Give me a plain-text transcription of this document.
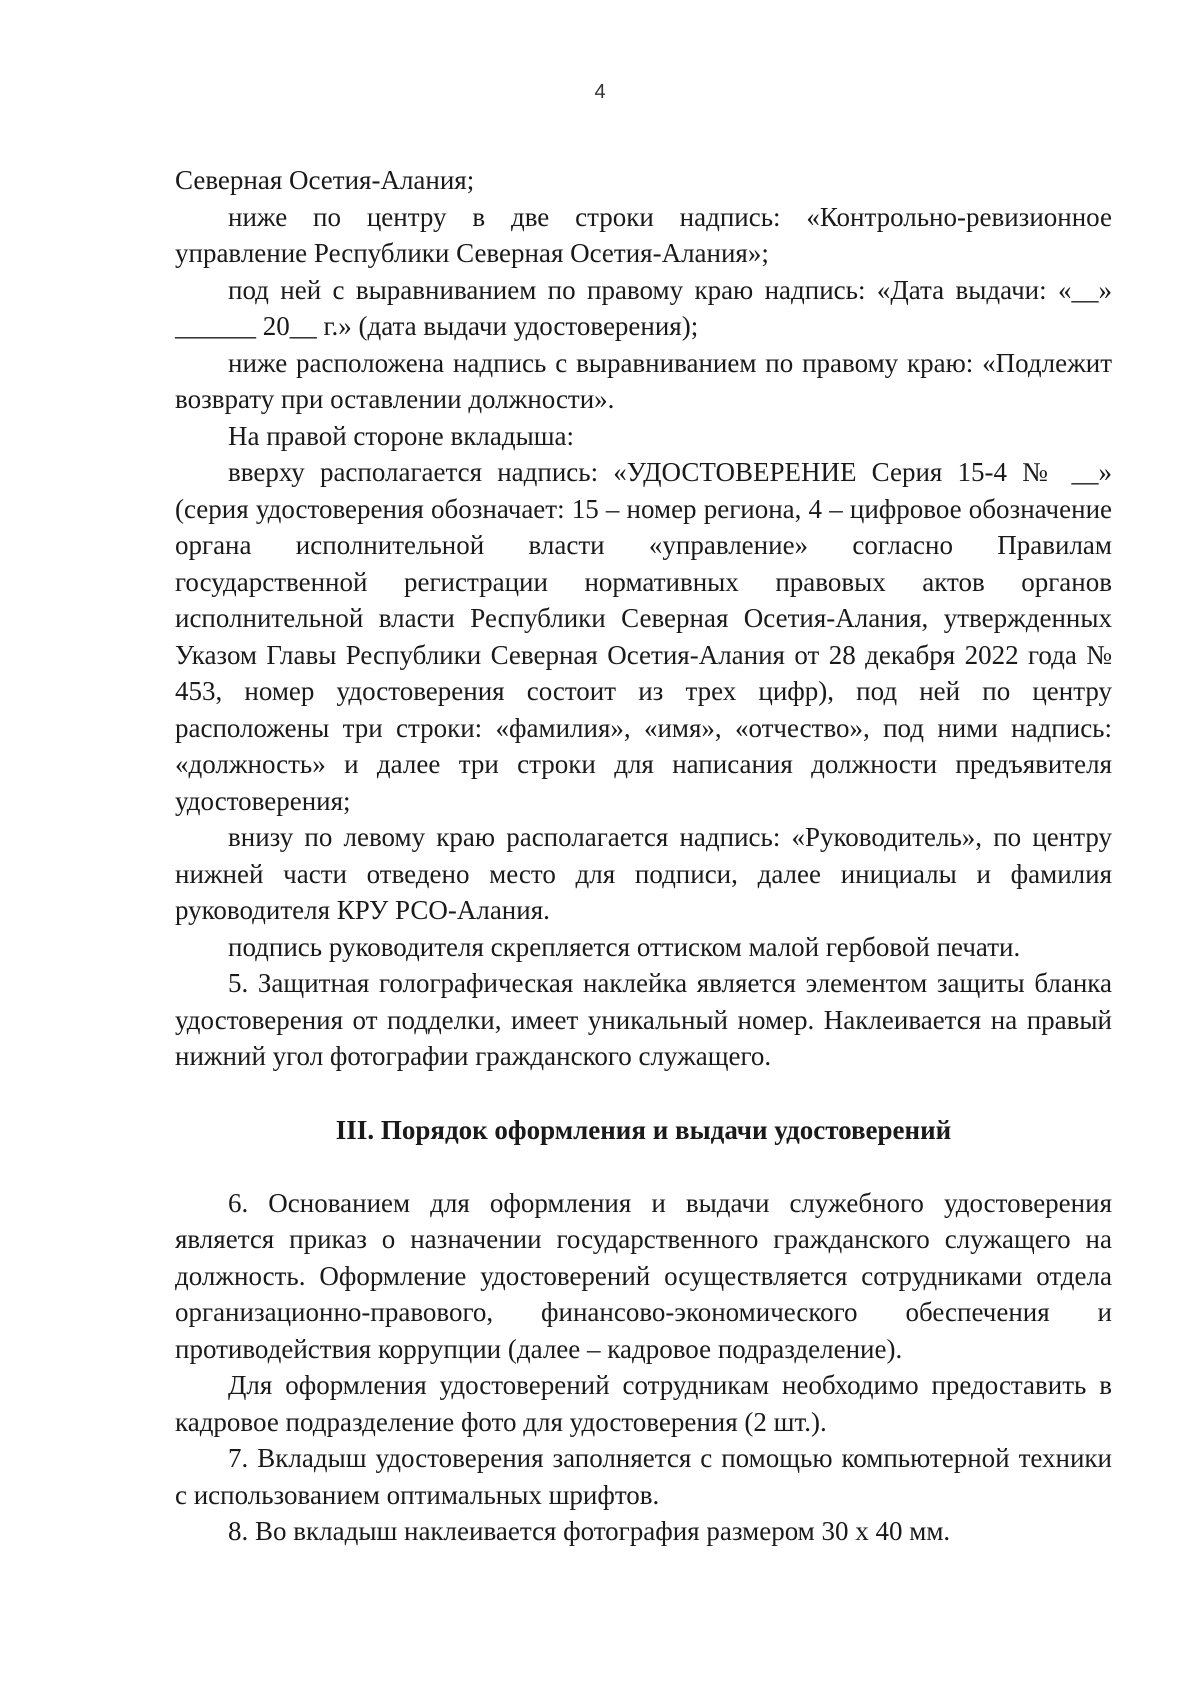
4

Северная Осетия-Алания;

ниже по центру в две строки надпись: «Контрольно-ревизионное управление Республики Северная Осетия-Алания»;

под ней с выравниванием по правому краю надпись: «Дата выдачи: «__» ______ 20__ г.» (дата выдачи удостоверения);

ниже расположена надпись с выравниванием по правому краю: «Подлежит возврату при оставлении должности».

На правой стороне вкладыша:

вверху располагается надпись: «УДОСТОВЕРЕНИЕ Серия 15-4 № __» (серия удостоверения обозначает: 15 – номер региона, 4 – цифровое обозначение органа исполнительной власти «управление» согласно Правилам государственной регистрации нормативных правовых актов органов исполнительной власти Республики Северная Осетия-Алания, утвержденных Указом Главы Республики Северная Осетия-Алания от 28 декабря 2022 года № 453, номер удостоверения состоит из трех цифр), под ней по центру расположены три строки: «фамилия», «имя», «отчество», под ними надпись: «должность» и далее три строки для написания должности предъявителя удостоверения;

внизу по левому краю располагается надпись: «Руководитель», по центру нижней части отведено место для подписи, далее инициалы и фамилия руководителя КРУ РСО-Алания.

подпись руководителя скрепляется оттиском малой гербовой печати.

5. Защитная голографическая наклейка является элементом защиты бланка удостоверения от подделки, имеет уникальный номер. Наклеивается на правый нижний угол фотографии гражданского служащего.

III. Порядок оформления и выдачи удостоверений

6. Основанием для оформления и выдачи служебного удостоверения является приказ о назначении государственного гражданского служащего на должность. Оформление удостоверений осуществляется сотрудниками отдела организационно-правового, финансово-экономического обеспечения и противодействия коррупции (далее – кадровое подразделение).

Для оформления удостоверений сотрудникам необходимо предоставить в кадровое подразделение фото для удостоверения (2 шт.).

7. Вкладыш удостоверения заполняется с помощью компьютерной техники с использованием оптимальных шрифтов.

8. Во вкладыш наклеивается фотография размером 30 х 40 мм.
